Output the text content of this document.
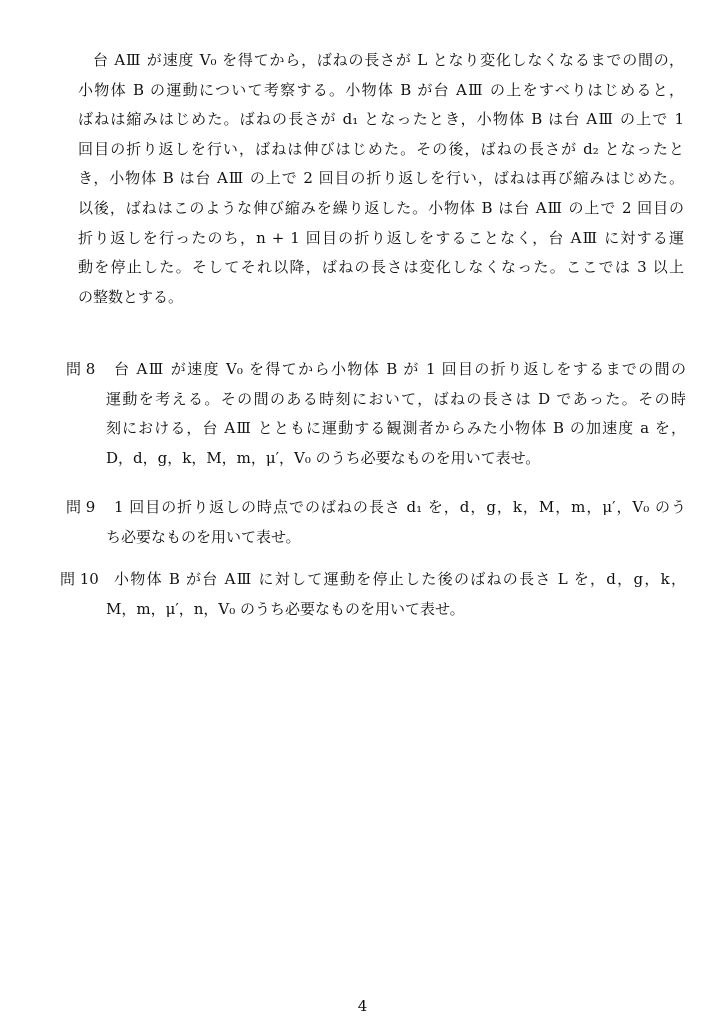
台 AⅢ が速度 V₀ を得てから，ばねの長さが L となり変化しなくなるまでの間の，
小物体 B の運動について考察する。小物体 B が台 AⅢ の上をすべりはじめると，
ばねは縮みはじめた。ばねの長さが d₁ となったとき，小物体 B は台 AⅢ の上で 1
回目の折り返しを行い，ばねは伸びはじめた。その後，ばねの長さが d₂ となったと
き，小物体 B は台 AⅢ の上で 2 回目の折り返しを行い，ばねは再び縮みはじめた。
以後，ばねはこのような伸び縮みを繰り返した。小物体 B は台 AⅢ の上で 2 回目の
折り返しを行ったのち，n + 1 回目の折り返しをすることなく，台 AⅢ に対する運
動を停止した。そしてそれ以降，ばねの長さは変化しなくなった。ここでは 3 以上
の整数とする。
問 8 台 AⅢ が速度 V₀ を得てから小物体 B が 1 回目の折り返しをするまでの間の
運動を考える。その間のある時刻において，ばねの長さは D であった。その時
刻における，台 AⅢ とともに運動する観測者からみた小物体 B の加速度 a を，
D，d，g，k，M，m，μ′，V₀ のうち必要なものを用いて表せ。
問 9 1 回目の折り返しの時点でのばねの長さ d₁ を，d，g，k，M，m，μ′，V₀ のう
ち必要なものを用いて表せ。
問 10 小物体 B が台 AⅢ に対して運動を停止した後のばねの長さ L を，d，g，k，
M，m，μ′，n，V₀ のうち必要なものを用いて表せ。
4
